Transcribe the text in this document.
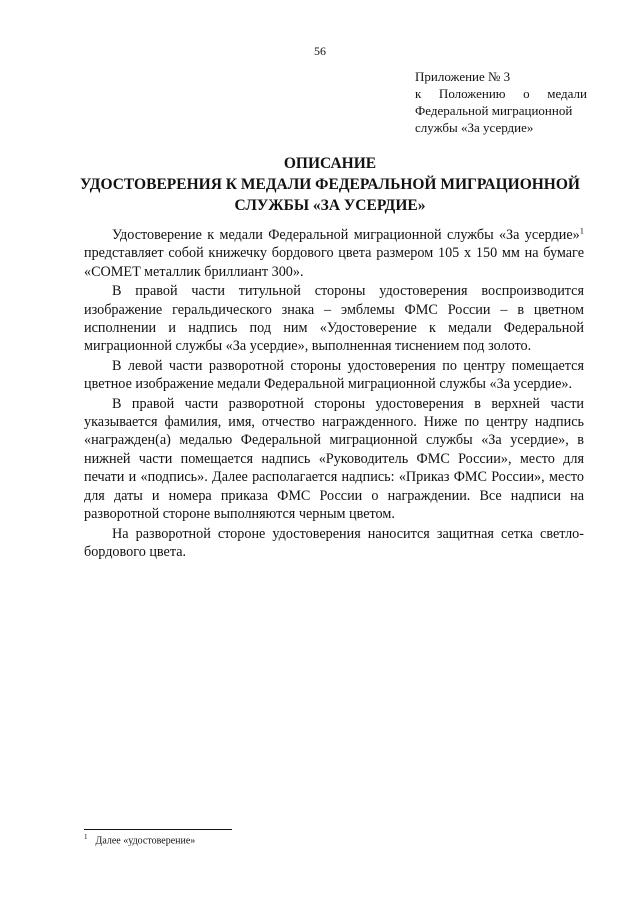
56
Приложение № 3
к Положению о медали
Федеральной миграционной
службы «За усердие»
ОПИСАНИЕ
УДОСТОВЕРЕНИЯ К МЕДАЛИ ФЕДЕРАЛЬНОЙ МИГРАЦИОННОЙ
СЛУЖБЫ «ЗА УСЕРДИЕ»

Удостоверение к медали Федеральной миграционной службы «За усердие»$^1$ представляет собой книжечку бордового цвета размером 105 х 150 мм на бумаге «COMET металлик бриллиант 300».

В правой части титульной стороны удостоверения воспроизводится изображение геральдического знака – эмблемы ФМС России – в цветном исполнении и надпись под ним «Удостоверение к медали Федеральной миграционной службы «За усердие», выполненная тиснением под золото.

В левой части разворотной стороны удостоверения по центру помещается цветное изображение медали Федеральной миграционной службы «За усердие».

В правой части разворотной стороны удостоверения в верхней части указывается фамилия, имя, отчество награжденного. Ниже по центру надпись «награжден(а) медалью Федеральной миграционной службы «За усердие», в нижней части помещается надпись «Руководитель ФМС России», место для печати и «подпись». Далее располагается надпись: «Приказ ФМС России», место для даты и номера приказа ФМС России о награждении. Все надписи на разворотной стороне выполняются черным цветом.

На разворотной стороне удостоверения наносится защитная сетка светло-бордового цвета.

$^1$ Далее «удостоверение»
